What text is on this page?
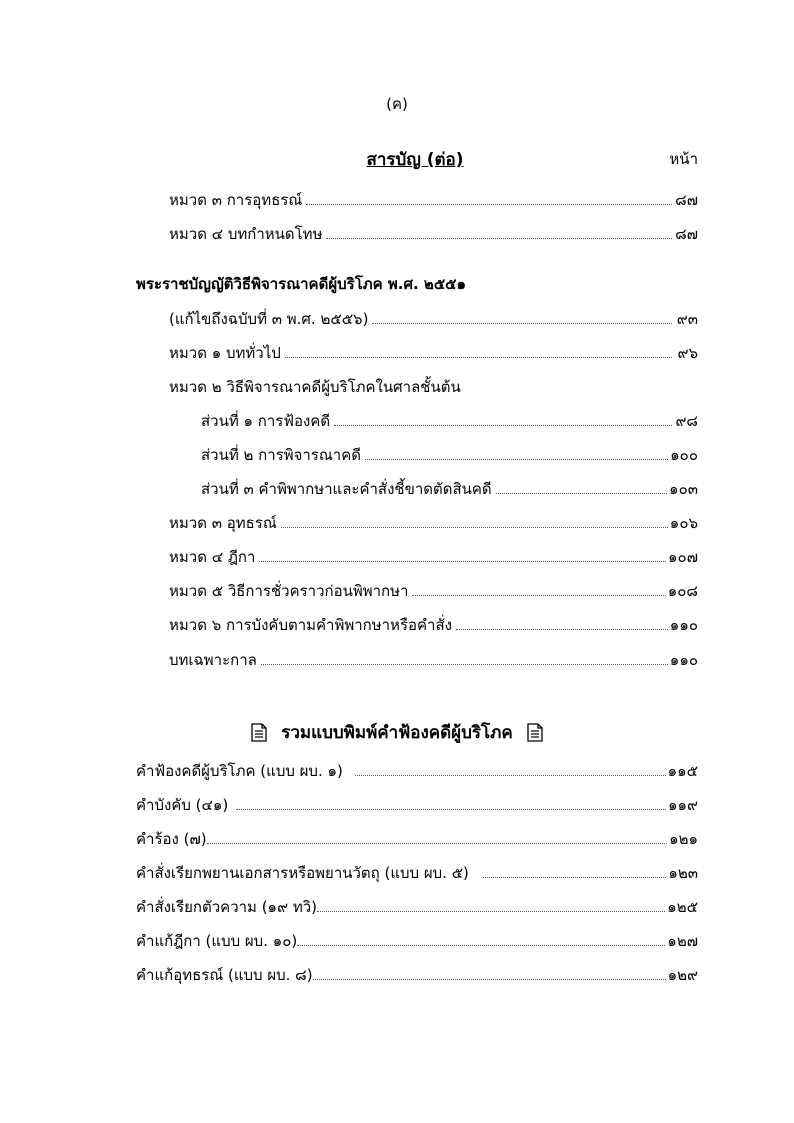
(ค)
สารบัญ (ต่อ)	หน้า
หมวด ๓ การอุทธรณ์	๘๗
หมวด ๔ บทกำหนดโทษ	๘๗
พระราชบัญญัติวิธีพิจารณาคดีผู้บริโภค พ.ศ. ๒๕๕๑
(แก้ไขถึงฉบับที่ ๓ พ.ศ. ๒๕๕๖)	๙๓
หมวด ๑ บททั่วไป	๙๖
หมวด ๒ วิธีพิจารณาคดีผู้บริโภคในศาลชั้นต้น
ส่วนที่ ๑ การฟ้องคดี	๙๘
ส่วนที่ ๒ การพิจารณาคดี	๑๐๐
ส่วนที่ ๓ คำพิพากษาและคำสั่งชี้ขาดตัดสินคดี	๑๐๓
หมวด ๓ อุทธรณ์	๑๐๖
หมวด ๔ ฎีกา	๑๐๗
หมวด ๕ วิธีการชั่วคราวก่อนพิพากษา	๑๐๘
หมวด ๖ การบังคับตามคำพิพากษาหรือคำสั่ง	๑๑๐
บทเฉพาะกาล	๑๑๐
รวมแบบพิมพ์คำฟ้องคดีผู้บริโภค
คำฟ้องคดีผู้บริโภค (แบบ ผบ. ๑)	๑๑๕
คำบังคับ (๔๑)	๑๑๙
คำร้อง (๗)	๑๒๑
คำสั่งเรียกพยานเอกสารหรือพยานวัตถุ (แบบ ผบ. ๕)	๑๒๓
คำสั่งเรียกตัวความ (๑๙ ทวิ)	๑๒๕
คำแก้ฎีกา (แบบ ผบ. ๑๐)	๑๒๗
คำแก้อุทธรณ์ (แบบ ผบ. ๘)	๑๒๙
